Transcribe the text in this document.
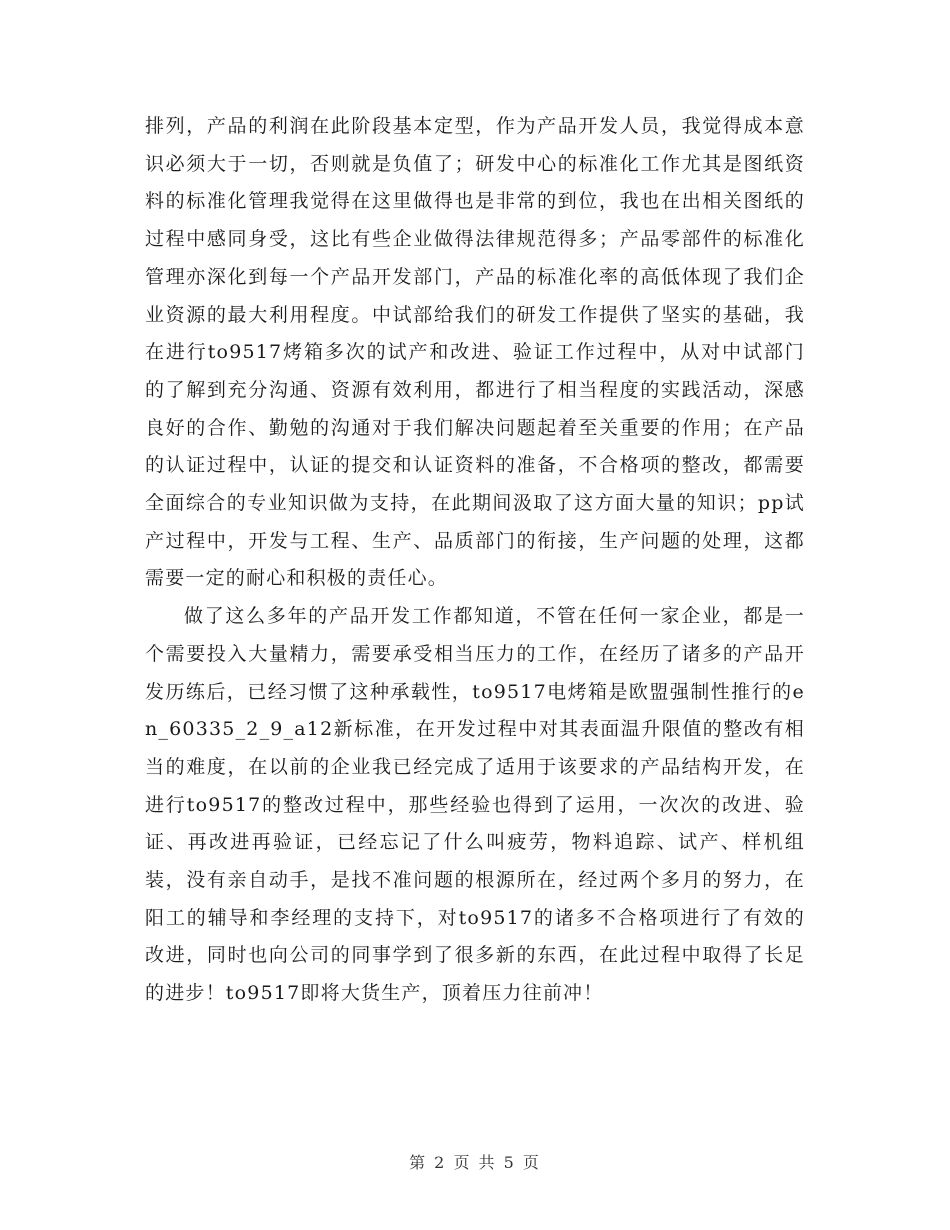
排列，产品的利润在此阶段基本定型，作为产品开发人员，我觉得成本意识必须大于一切，否则就是负值了；研发中心的标准化工作尤其是图纸资料的标准化管理我觉得在这里做得也是非常的到位，我也在出相关图纸的过程中感同身受，这比有些企业做得法律规范得多；产品零部件的标准化管理亦深化到每一个产品开发部门，产品的标准化率的高低体现了我们企业资源的最大利用程度。中试部给我们的研发工作提供了坚实的基础，我在进行to9517烤箱多次的试产和改进、验证工作过程中，从对中试部门的了解到充分沟通、资源有效利用，都进行了相当程度的实践活动，深感良好的合作、勤勉的沟通对于我们解决问题起着至关重要的作用；在产品的认证过程中，认证的提交和认证资料的准备，不合格项的整改，都需要全面综合的专业知识做为支持，在此期间汲取了这方面大量的知识；pp试产过程中，开发与工程、生产、品质部门的衔接，生产问题的处理，这都需要一定的耐心和积极的责任心。

做了这么多年的产品开发工作都知道，不管在任何一家企业，都是一个需要投入大量精力，需要承受相当压力的工作，在经历了诸多的产品开发历练后，已经习惯了这种承载性，to9517电烤箱是欧盟强制性推行的en_60335_2_9_a12新标准，在开发过程中对其表面温升限值的整改有相当的难度，在以前的企业我已经完成了适用于该要求的产品结构开发，在进行to9517的整改过程中，那些经验也得到了运用，一次次的改进、验证、再改进再验证，已经忘记了什么叫疲劳，物料追踪、试产、样机组装，没有亲自动手，是找不准问题的根源所在，经过两个多月的努力，在阳工的辅导和李经理的支持下，对to9517的诸多不合格项进行了有效的改进，同时也向公司的同事学到了很多新的东西，在此过程中取得了长足的进步！to9517即将大货生产，顶着压力往前冲！

第 2 页 共 5 页
